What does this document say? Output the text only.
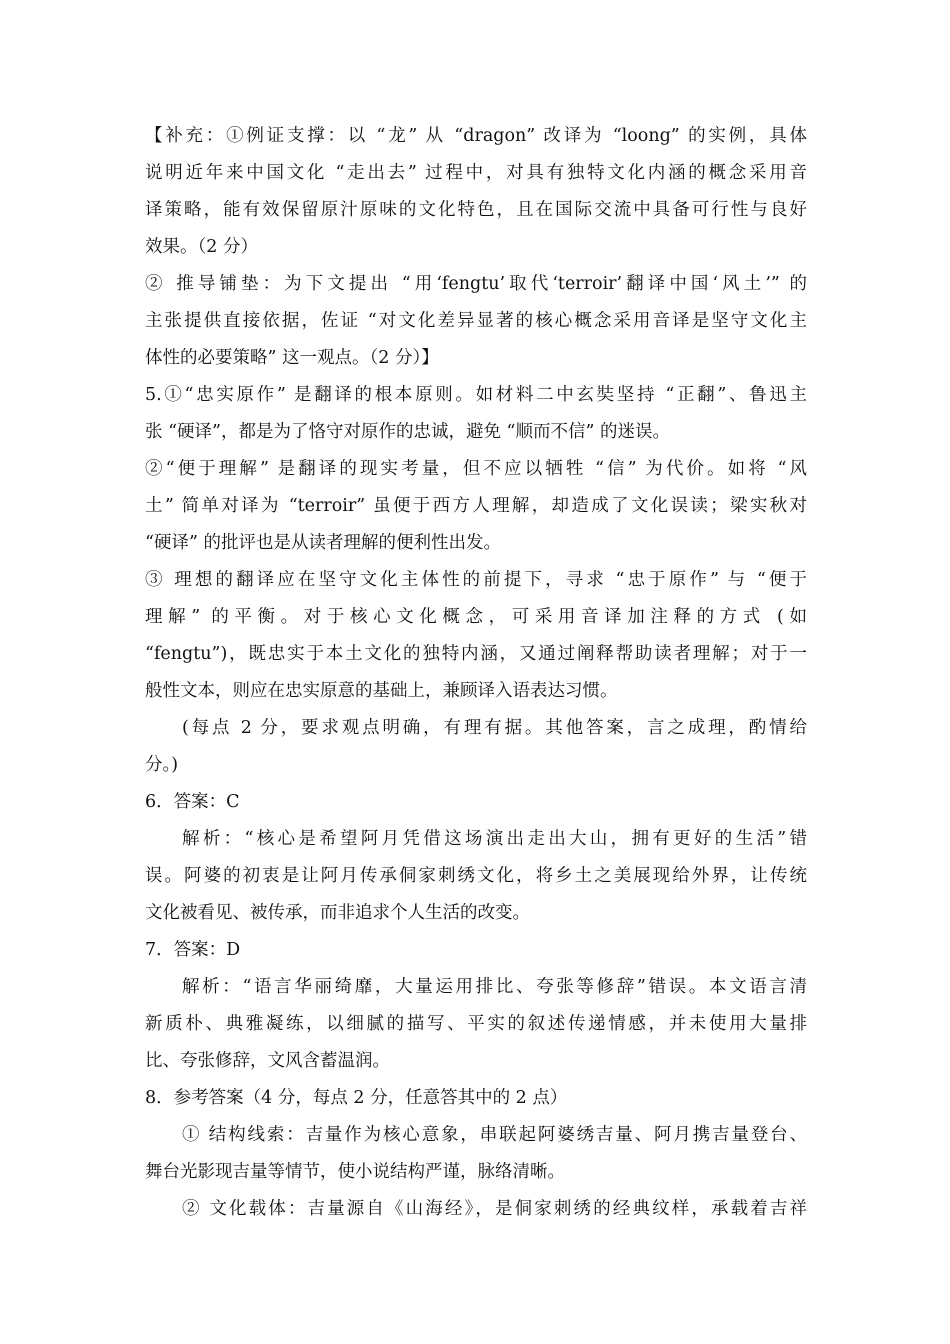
【补充：①例证支撑：以 “龙” 从 “dragon” 改译为 “loong” 的实例，具体
说明近年来中国文化 “走出去” 过程中，对具有独特文化内涵的概念采用音
译策略，能有效保留原汁原味的文化特色，且在国际交流中具备可行性与良好
效果。（2 分）
② 推导铺垫：为下文提出 “用‘fengtu’取代‘terroir’翻译中国‘风土’” 的
主张提供直接依据，佐证 “对文化差异显著的核心概念采用音译是坚守文化主
体性的必要策略” 这一观点。（2 分）】
5.①“忠实原作” 是翻译的根本原则。如材料二中玄奘坚持 “正翻”、鲁迅主
张 “硬译”，都是为了恪守对原作的忠诚，避免 “顺而不信” 的迷误。
②“便于理解” 是翻译的现实考量，但不应以牺牲 “信” 为代价。如将 “风
土” 简单对译为 “terroir” 虽便于西方人理解，却造成了文化误读；梁实秋对
“硬译” 的批评也是从读者理解的便利性出发。
③ 理想的翻译应在坚守文化主体性的前提下，寻求 “忠于原作” 与 “便于
理解” 的平衡。对于核心文化概念，可采用音译加注释的方式 (如
“fengtu”)，既忠实于本土文化的独特内涵，又通过阐释帮助读者理解；对于一
般性文本，则应在忠实原意的基础上，兼顾译入语表达习惯。
(每点 2 分，要求观点明确，有理有据。其他答案，言之成理，酌情给
分。)
6．答案：C
解析：“核心是希望阿月凭借这场演出走出大山，拥有更好的生活”错
误。阿婆的初衷是让阿月传承侗家刺绣文化，将乡土之美展现给外界，让传统
文化被看见、被传承，而非追求个人生活的改变。
7．答案：D
解析：“语言华丽绮靡，大量运用排比、夸张等修辞”错误。本文语言清
新质朴、典雅凝练，以细腻的描写、平实的叙述传递情感，并未使用大量排
比、夸张修辞，文风含蓄温润。
8．参考答案（4 分，每点 2 分，任意答其中的 2 点）
① 结构线索：吉量作为核心意象，串联起阿婆绣吉量、阿月携吉量登台、
舞台光影现吉量等情节，使小说结构严谨，脉络清晰。
② 文化载体：吉量源自《山海经》，是侗家刺绣的经典纹样，承载着吉祥
